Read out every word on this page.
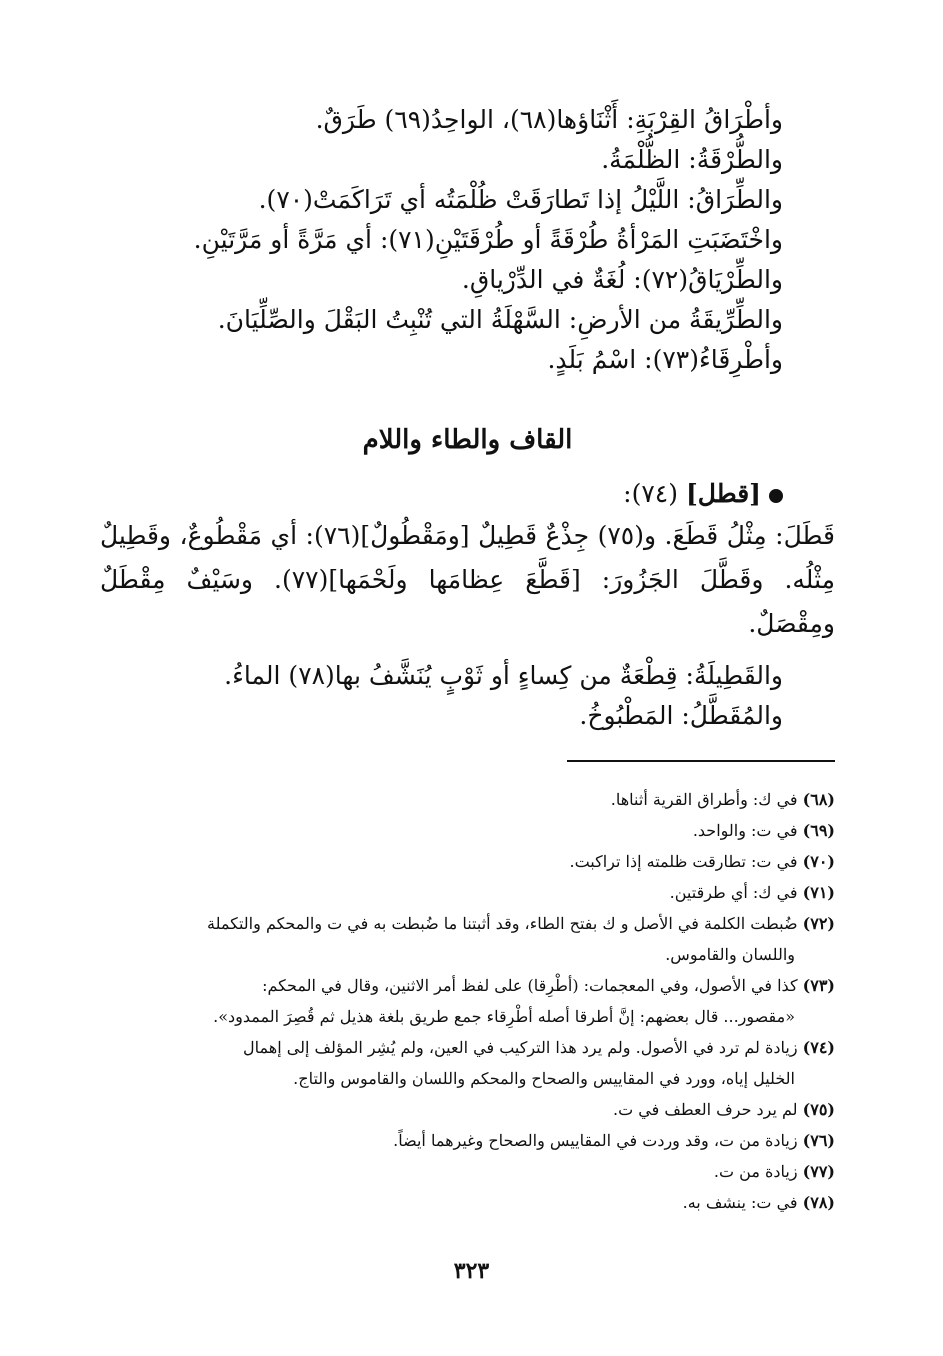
وأطْرَاقُ القِرْبَةِ: أَثْنَاؤها(٦٨)، الواحِدُ(٦٩) طَرَقٌ.
والطُّرْقَةُ: الظُّلْمَةُ.
والطِّرَاقُ: اللَّيْلُ إذا تَطارَقَتْ ظُلْمَتُه أي تَرَاكَمَتْ(٧٠).
واخْتَضَبَتِ المَرْأةُ طُرْقَةً أو طُرْقَتَيْنِ(٧١): أي مَرَّةً أو مَرَّتَيْنِ.
والطِّرْيَاقُ(٧٢): لُغَةٌ في الدِّرْياقِ.
والطِّرِّيقَةُ من الأرضِ: السَّهْلَةُ التي تُنْبِتُ البَقْلَ والصِّلِّيَانَ.
وأطْرِقَاءُ(٧٣): اسْمُ بَلَدٍ.
القاف والطاء واللام
[قطل] (٧٤):
قَطَلَ: مِثْلُ قَطَعَ. و(٧٥) جِذْعٌ قَطِيلٌ [ومَقْطُولٌ](٧٦): أي مَقْطُوعٌ، وقَطِيلٌ مِثْلُه. وقَطَّلَ الجَزُورَ: [قَطَّعَ عِظامَها ولَحْمَها](٧٧). وسَيْفٌ مِقْطَلٌ ومِقْصَلٌ.
والقَطِيلَةُ: قِطْعَةٌ من كِساءٍ أو ثَوْبٍ يُنَشَّفُ بها(٧٨) الماءُ.
والمُقَطَّلُ: المَطْبُوخُ.
(٦٨) في ك: وأطراق القرية أثناها.
(٦٩) في ت: والواحد.
(٧٠) في ت: تطارقت ظلمته إذا تراكبت.
(٧١) في ك: أي طرقتين.
(٧٢) ضُبطت الكلمة في الأصل و ك بفتح الطاء، وقد أثبتنا ما ضُبطت به في ت والمحكم والتكملة
واللسان والقاموس.
(٧٣) كذا في الأصول، وفي المعجمات: (أطْرِقا) على لفظ أمر الاثنين، وقال في المحكم:
«مقصور... قال بعضهم: إنَّ أطرقا أصله أطْرِقاء جمع طريق بلغة هذيل ثم قُصِرَ الممدود».
(٧٤) زيادة لم ترد في الأصول. ولم يرد هذا التركيب في العين، ولم يُشِر المؤلف إلى إهمال
الخليل إياه، وورد في المقاييس والصحاح والمحكم واللسان والقاموس والتاج.
(٧٥) لم يرد حرف العطف في ت.
(٧٦) زيادة من ت، وقد وردت في المقاييس والصحاح وغيرهما أيضاً.
(٧٧) زيادة من ت.
(٧٨) في ت: ينشف به.
٣٢٣
